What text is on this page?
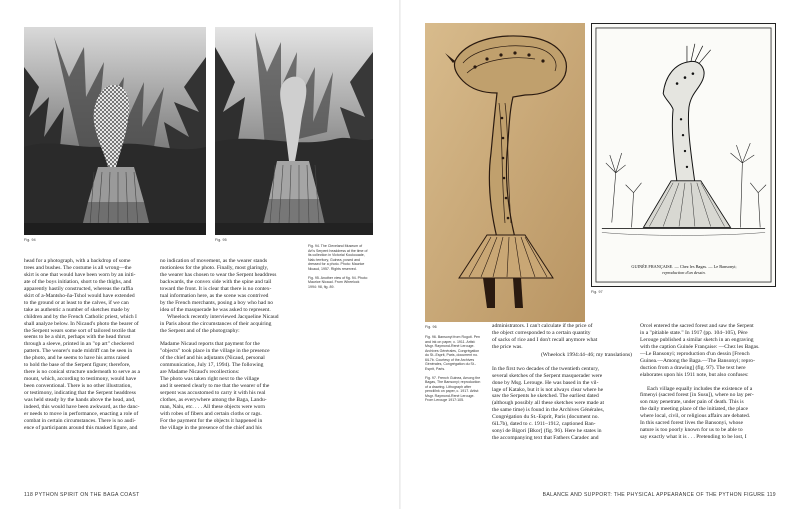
Fig. 94	Fig. 95

head for a photograph, with a backdrop of some

trees and bushes. The costume is all wrong—the

skirt is one that would have been worn by an initi-

ate of the boys initiation, short to the thighs, and

apparently hastily constructed, whereas the raffia

skirt of a-Mantsho-ña-Tshol would have extended

to the ground or at least to the calves, if we can

take as authentic a number of sketches made by

children and by the French Catholic priest, which I

shall analyze below. In Nicaud's photo the bearer of

the Serpent wears some sort of tailored textile that

seems to be a shirt, perhaps with the head thrust

through a sleeve, printed in an "op art" checkered

pattern. The wearer's nude midriff can be seen in

the photo, and he seems to have his arms raised

to hold the base of the Serpent figure; therefore,

there is no conical structure underneath to serve as a

mount, which, according to testimony, would have

been conventional. There is no other illustration,

or testimony, indicating that the Serpent headdress

was held steady by the hands above the head, and,

indeed, this would have been awkward, as the danc-

er needs to move in performance, enacting a role of

combat in certain circumstances. There is no audi-

ence of participants around this masked figure, and

no indication of movement, as the wearer stands

motionless for the photo. Finally, most glaringly,

the wearer has chosen to wear the Serpent headdress

backwards, the convex side with the spine and tail

toward the front. It is clear that there is no contex-

tual information here, as the scene was contrived

by the French merchants, posing a boy who had no

idea of the masquerade he was asked to represent.

Wheelock recently interviewed Jacqueline Nicaud

in Paris about the circumstances of their acquiring

the Serpent and of the photography:

Madame Nicaud reports that payment for the

"objects" took place in the village in the presence

of the chief and his adjutants (Nicaud, personal

communication, July 17, 1994). The following

are Madame Nicaud's recollections:

The photo was taken right next to the village

and it seemed clearly to me that the wearer of the

serpent was accustomed to carry it with his real

clothes, as everywhere among the Baga, Landu-

man, Nalu, etc. . . . All these objects were worn

with robes of fibers and certain cloths or rags.

For the payment for the objects it happened in

the village in the presence of the chief and his

Fig. 94. The Cleveland Museum of Art's Serpent headdress at the time of its collection in Victoria/ Koukouade, Nalu territory, Guinea, posed and dressed for a photo. Photo: Maurice Nicaud, 1957. Rights reserved.
Fig. 95. Another view of fig. 94. Photo: Maurice Nicaud. From Wheelock 1994: 98, fig. 89.
118 PYTHON SPIRIT ON THE BAGA COAST
Fig. 96
GUINÉE FRANÇAISE. — Chez les Bagas. — Le Bansonyi;
reproduction d'un dessin.
Fig. 97
Fig. 96. Bansonyi from Rogoti. Pen and ink on paper, c. 1911. Artist: Msgr. Raymond-René Lerouge. Archives Générales, Congrégation du St.-Esprit, Paris, document no. 6iL7b. Courtesy of the Archives Générales, Congrégation du St.-Esprit, Paris.
Fig. 97. French Guinea, Among the Bagas, The Bansonyi; reproduction of a drawing. Lithograph after pencil/ink on paper, c. 1917. Artist: Msgr. Raymond-René Lerouge. From Lerouge 1917:105.

administrators. I can't calculate if the price of

the object corresponded to a certain quantity

of sacks of rice and I don't recall anymore what

the price was.

(Wheelock 1994:44–46; my translations)

In the first two decades of the twentieth century,

several sketches of the Serpent masquerader were

done by Msg. Lerouge. He was based in the vil-

lage of Katako, but it is not always clear where he

saw the Serpents he sketched. The earliest dated

(although possibly all these sketches were made at

the same time) is found in the Archives Générales,

Congrégation du St.-Esprit, Paris (document no.

6iL7b), dated to c. 1911–1912, captioned Ban-

sonyi de Bigori [Bkor] (fig. 96). Here he states in

the accompanying text that Fathers Caradec and

Orcel entered the sacred forest and saw the Serpent

in a "pitiable state." In 1917 (pp. 104–105), Père

Lerouge published a similar sketch in an engraving

with the caption Guinée Française: —Chez les Bagas.

—Le Bansonyi; reproduction d'un dessin [French

Guinea.—Among the Baga.—The Bansonyi; repro-

duction from a drawing] (fig. 97). The text here

elaborates upon his 1911 note, but also confuses:

Each village equally includes the existence of a

fimenyi (sacred forest [in Susu]), where no lay per-

son may penetrate, under pain of death. This is

the daily meeting place of the initiated, the place

where local, civil, or religious affairs are debated.

In this sacred forest lives the Bansonyi, whose

nature is too poorly known for us to be able to

say exactly what it is . . . Pretending to be lost, I

BALANCE AND SUPPORT: THE PHYSICAL APPEARANCE OF THE PYTHON FIGURE 119
